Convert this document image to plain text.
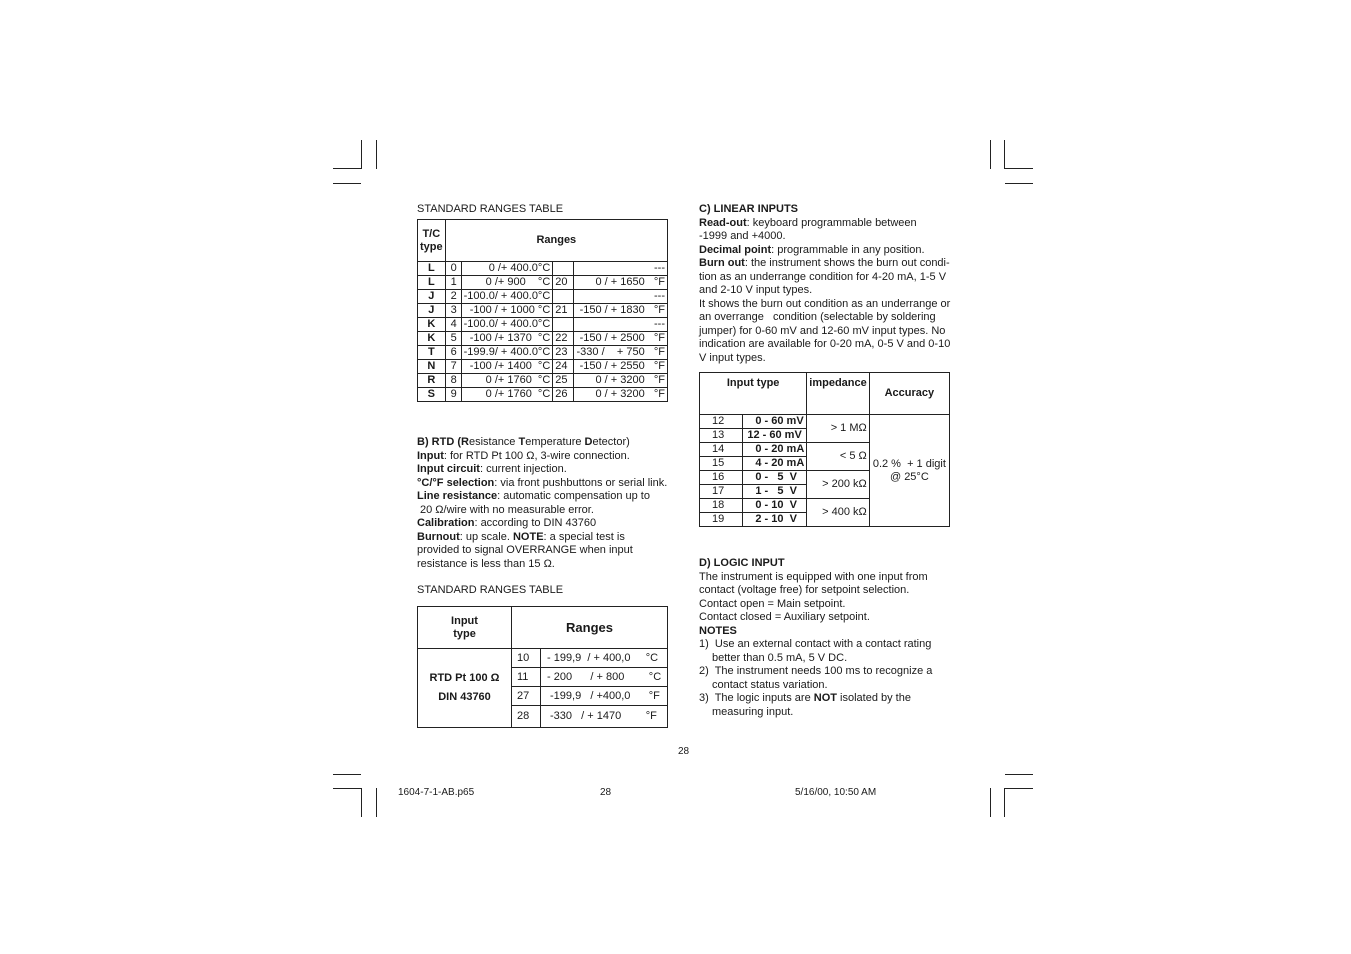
STANDARD RANGES TABLE
T/C
type	Ranges			
L	0	0 /+ 400.0°C		---
L	1	0 /+ 900    °C	20	0 / + 1650   °F
J	2	-100.0/ + 400.0°C		---
J	3	-100 / + 1000 °C	21	-150 / + 1830   °F
K	4	-100.0/ + 400.0°C		---
K	5	-100 /+ 1370  °C	22	-150 / + 2500   °F
T	6	-199.9/ + 400.0°C	23	-330 /    + 750   °F
N	7	-100 /+ 1400  °C	24	-150 / + 2550   °F
R	8	0 /+ 1760  °C	25	0 / + 3200   °F
S	9	0 /+ 1760  °C	26	0 / + 3200   °F

B) RTD (Resistance Temperature Detector)

Input: for RTD Pt 100 Ω, 3-wire connection.

Input circuit: current injection.

°C/°F selection: via front pushbuttons or serial link.

Line resistance: automatic compensation up to

20 Ω/wire with no measurable error.

Calibration: according to DIN 43760

Burnout: up scale. NOTE: a special test is

provided to signal OVERRANGE when input

resistance is less than 15 Ω.

STANDARD RANGES TABLE
Input
type	Ranges	

RTD Pt 100 Ω
DIN 43760	10	- 199,9  / + 400,0     °C
	11	- 200      / + 800        °C
	27	-199,9   / +400,0      °F
	28	-330   / + 1470        °F

C) LINEAR INPUTS

Read-out: keyboard programmable between

-1999 and +4000.

Decimal point: programmable in any position.

Burn out: the instrument shows the burn out condi-

tion as an underrange condition for 4-20 mA, 1-5 V

and 2-10 V input types.

It shows the burn out condition as an underrange or

an overrange   condition (selectable by soldering

jumper) for 0-60 mV and 12-60 mV input types. No

indication are available for 0-20 mA, 0-5 V and 0-10

V input types.

Input type		impedance	Accuracy
12	0 - 60 mV	> 1 MΩ	0.2 %  + 1 digit
@ 25°C

13	12 - 60 mV		
14	0 - 20 mA	< 5 Ω	
15	4 - 20 mA		
16	0 -   5  V	> 200 kΩ	
17	1 -   5  V		
18	0 - 10  V	> 400 kΩ	
19	2 - 10  V		

D) LOGIC INPUT

The instrument is equipped with one input from

contact (voltage free) for setpoint selection.

Contact open = Main setpoint.

Contact closed = Auxiliary setpoint.

NOTES

1)  Use an external contact with a contact rating

better than 0.5 mA, 5 V DC.

2)  The instrument needs 100 ms to recognize a

contact status variation.

3)  The logic inputs are NOT isolated by the

measuring input.

28
1604-7-1-AB.p65	28	5/16/00, 10:50 AM
